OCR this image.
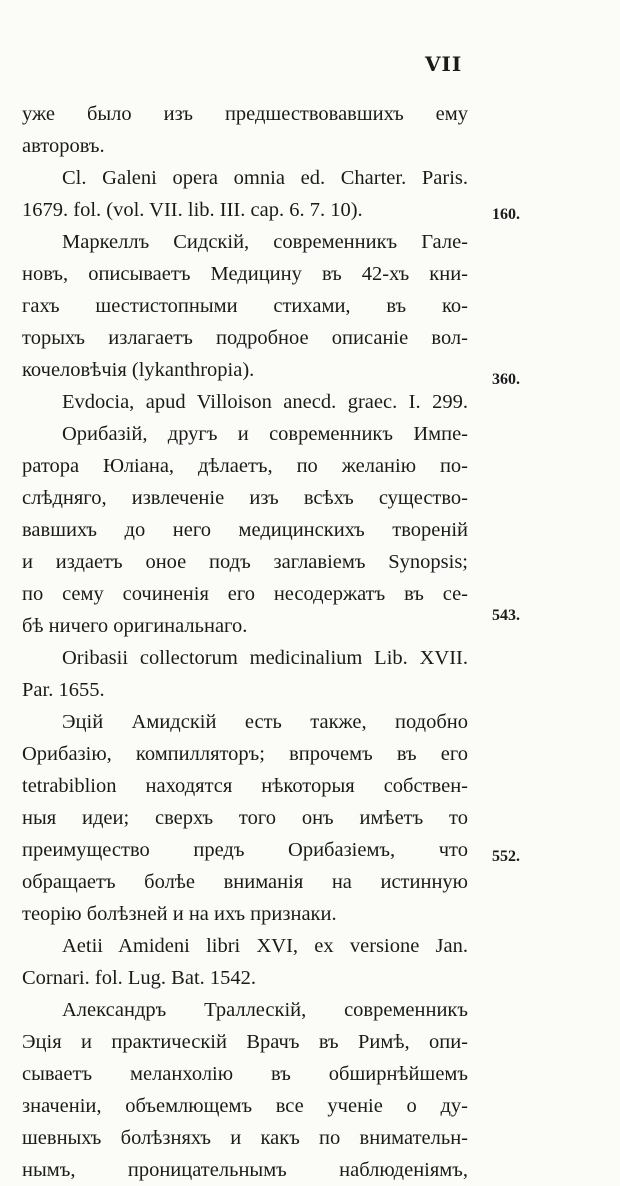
VII
160.
360.
543.
552.
уже было изъ предшествовавшихъ ему
авторовъ.
Cl. Galeni opera omnia ed. Charter. Paris.
1679. fol. (vol. VII. lib. III. cap. 6. 7. 10).
Маркеллъ Сидскій, современникъ Гале-
новъ, описываетъ Медицину въ 42-хъ кни-
гахъ шестистопными стихами, въ ко-
торыхъ излагаетъ подробное описаніе вол-
кочеловѣчія (lykanthropia).
Evdocia, apud Villoison anecd. graec. I. 299.
Орибазій, другъ и современникъ Импе-
ратора Юліана, дѣлаетъ, по желанію по-
слѣдняго, извлеченіе изъ всѣхъ существо-
вавшихъ до него медицинскихъ твореній
и издаетъ оное подъ заглавіемъ Synopsis;
по сему сочиненія его несодержатъ въ се-
бѣ ничего оригинальнаго.
Oribasii collectorum medicinalium Lib. XVII.
Par. 1655.
Эцій Амидскій есть также, подобно
Орибазію, компилляторъ; впрочемъ въ его
tetrabiblion находятся нѣкоторыя собствен-
ныя идеи; сверхъ того онъ имѣетъ то
преимущество предъ Орибазіемъ, что
обращаетъ болѣе вниманія на истинную
теорію болѣзней и на ихъ признаки.
Aetii Amideni libri XVI, ex versione Jan.
Cornari. fol. Lug. Bat. 1542.
Александръ Траллескій, современникъ
Эція и практическій Врачъ въ Римѣ, опи-
сываетъ меланхолію въ обширнѣйшемъ
значеніи, объемлющемъ все ученіе о ду-
шевныхъ болѣзняхъ и какъ по внимательн-
нымъ, проницательнымъ наблюденіямъ,
